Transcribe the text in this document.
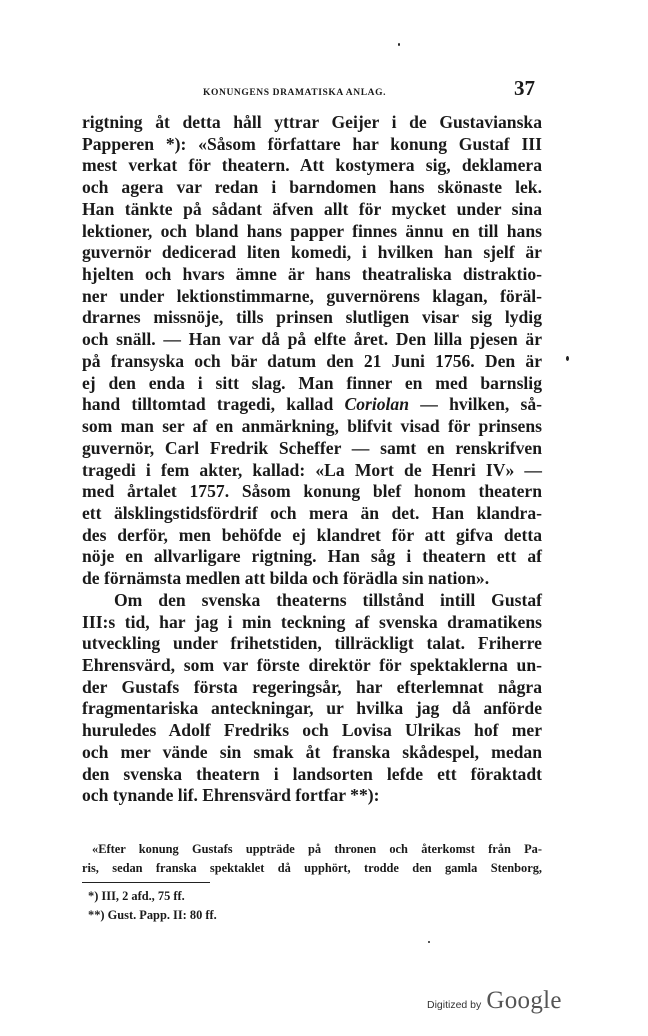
KONUNGENS DRAMATISKA ANLAG.	37
rigtning åt detta håll yttrar Geijer i de Gustavianska
Papperen *): «Såsom författare har konung Gustaf III
mest verkat för theatern. Att kostymera sig, deklamera
och agera var redan i barndomen hans skönaste lek.
Han tänkte på sådant äfven allt för mycket under sina
lektioner, och bland hans papper finnes ännu en till hans
guvernör dedicerad liten komedi, i hvilken han sjelf är
hjelten och hvars ämne är hans theatraliska distraktio-
ner under lektionstimmarne, guvernörens klagan, föräl-
drarnes missnöje, tills prinsen slutligen visar sig lydig
och snäll. — Han var då på elfte året. Den lilla pjesen är
på fransyska och bär datum den 21 Juni 1756. Den är
ej den enda i sitt slag. Man finner en med barnslig
hand tilltomtad tragedi, kallad Coriolan — hvilken, så-
som man ser af en anmärkning, blifvit visad för prinsens
guvernör, Carl Fredrik Scheffer — samt en renskrifven
tragedi i fem akter, kallad: «La Mort de Henri IV» —
med årtalet 1757. Såsom konung blef honom theatern
ett älsklingstidsfördrif och mera än det. Han klandra-
des derför, men behöfde ej klandret för att gifva detta
nöje en allvarligare rigtning. Han såg i theatern ett af
de förnämsta medlen att bilda och förädla sin nation».
Om den svenska theaterns tillstånd intill Gustaf
III:s tid, har jag i min teckning af svenska dramatikens
utveckling under frihetstiden, tillräckligt talat. Friherre
Ehrensvärd, som var förste direktör för spektaklerna un-
der Gustafs första regeringsår, har efterlemnat några
fragmentariska anteckningar, ur hvilka jag då anförde
huruledes Adolf Fredriks och Lovisa Ulrikas hof mer
och mer vände sin smak åt franska skådespel, medan
den svenska theatern i landsorten lefde ett föraktadt
och tynande lif. Ehrensvärd fortfar **):
«Efter konung Gustafs uppträde på thronen och återkomst från Pa-
ris, sedan franska spektaklet då upphört, trodde den gamla Stenborg,
*) III, 2 afd., 75 ff.
**) Gust. Papp. II: 80 ff.
Digitized by Google
